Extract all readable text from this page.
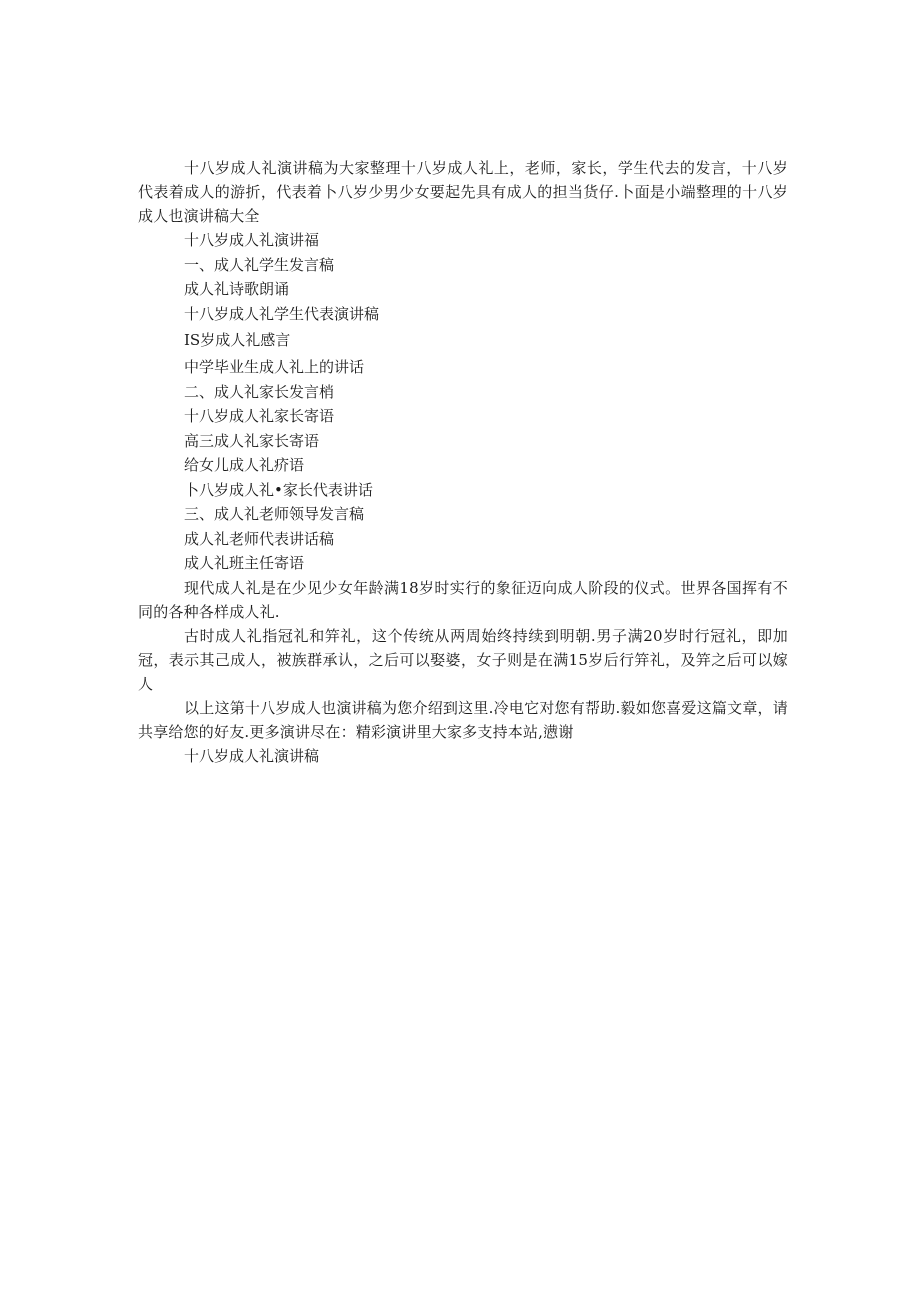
十八岁成人礼演讲稿为大家整理十八岁成人礼上，老师，家长，学生代去的发言，十八岁代表着成人的游折，代表着卜八岁少男少女要起先具有成人的担当货仔.卜面是小端整理的十八岁成人也演讲稿大全

十八岁成人礼演讲福

一、成人礼学生发言稿

成人礼诗歌朗诵

十八岁成人礼学生代表演讲稿

IS岁成人礼感言

中学毕业生成人礼上的讲话

二、成人礼家长发言梢

十八岁成人礼家长寄语

高三成人礼家长寄语

给女儿成人礼疥语

卜八岁成人礼•家长代表讲话

三、成人礼老师领导发言稿

成人礼老师代表讲话稿

成人礼班主任寄语

现代成人礼是在少见少女年龄满18岁时实行的象征迈向成人阶段的仪式。世界各国挥有不同的各种各样成人礼.

古时成人礼指冠礼和笄礼，这个传统从两周始终持续到明朝.男子满20岁时行冠礼，即加冠，表示其己成人，被族群承认，之后可以娶婆，女子则是在满15岁后行笄礼，及笄之后可以嫁人

以上这第十八岁成人也演讲稿为您介绍到这里.冷电它对您有帮助.毅如您喜爱这篇文章，请共享给您的好友.更多演讲尽在：精彩演讲里大家多支持本站,懑谢

十八岁成人礼演讲稿
